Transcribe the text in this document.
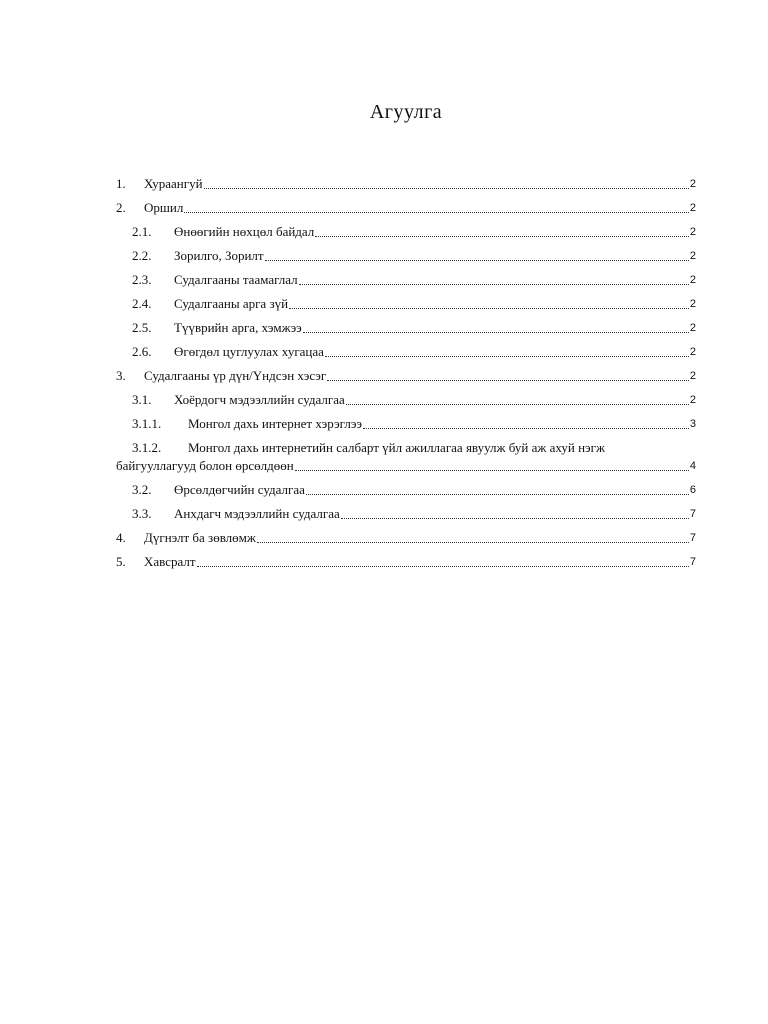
Агуулга
1.	Хураангуй	2
2.	Оршил	2
2.1.	Өнөөгийн нөхцөл байдал	2
2.2.	Зорилго, Зорилт	2
2.3.	Судалгааны таамаглал	2
2.4.	Судалгааны арга зүй	2
2.5.	Түүврийн арга, хэмжээ	2
2.6.	Өгөгдөл цуглуулах хугацаа	2
3.	Судалгааны үр дүн/Үндсэн хэсэг	2
3.1.	Хоёрдогч мэдээллийн судалгаа	2
3.1.1.	Монгол дахь интернет хэрэглээ	3
3.1.2.	Монгол дахь интернетийн салбарт үйл ажиллагаа явуулж буй аж ахуй нэгж
байгууллагууд болон өрсөлдөөн	4
3.2.	Өрсөлдөгчийн судалгаа	6
3.3.	Анхдагч мэдээллийн судалгаа	7
4.	Дүгнэлт ба зөвлөмж	7
5.	Хавсралт	7
